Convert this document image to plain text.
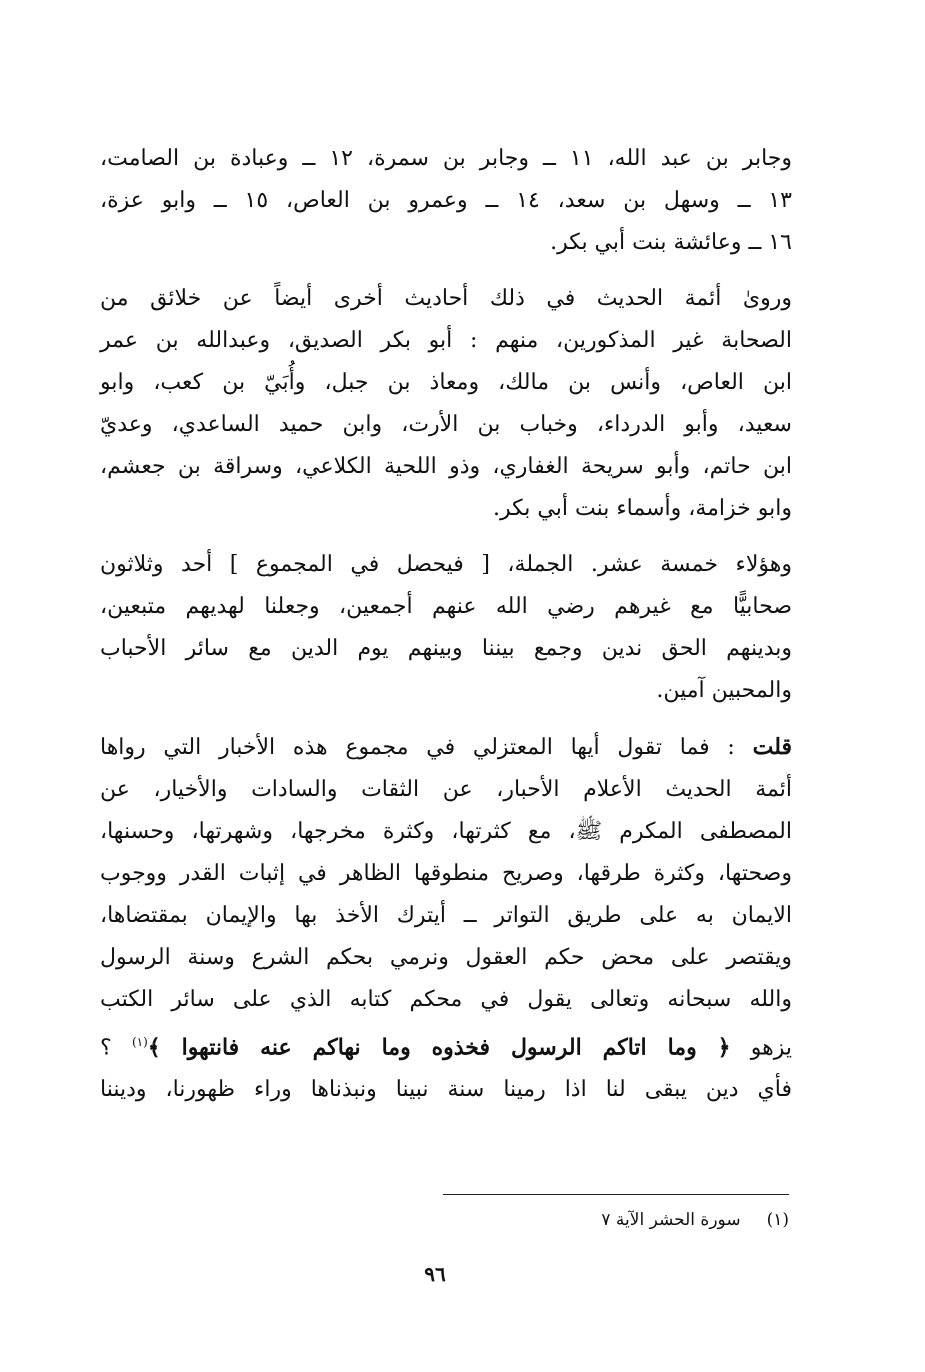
وجابر بن عبد الله، ١١ ــ وجابر بن سمرة، ١٢ ــ وعبادة بن الصامت،
١٣ ــ وسهل بن سعد، ١٤ ــ وعمرو بن العاص، ١٥ ــ وابو عزة،
١٦ ــ وعائشة بنت أبي بكر.

وروىٰ أئمة الحديث في ذلك أحاديث أخرى أيضاً عن خلائق من
الصحابة غير المذكورين، منهم : أبو بكر الصديق، وعبدالله بن عمر
ابن العاص، وأنس بن مالك، ومعاذ بن جبل، وأُبَيّ بن كعب، وابو
سعيد، وأبو الدرداء، وخباب بن الأرت، وابن حميد الساعدي، وعديّ
ابن حاتم، وأبو سريحة الغفاري، وذو اللحية الكلاعي، وسراقة بن جعشم،
وابو خزامة، وأسماء بنت أبي بكر.

وهؤلاء خمسة عشر. الجملة، [ فيحصل في المجموع ] أحد وثلاثون
صحابيًّا مع غيرهم رضي الله عنهم أجمعين، وجعلنا لهديهم متبعين،
وبدينهم الحق ندين وجمع بيننا وبينهم يوم الدين مع سائر الأحباب
والمحبين آمين.

قلت : فما تقول أيها المعتزلي في مجموع هذه الأخبار التي رواها
أئمة الحديث الأعلام الأحبار، عن الثقات والسادات والأخيار، عن
المصطفى المكرم ﷺ، مع كثرتها، وكثرة مخرجها، وشهرتها، وحسنها،
وصحتها، وكثرة طرقها، وصريح منطوقها الظاهر في إثبات القدر ووجوب
الايمان به على طريق التواتر ــ أيترك الأخذ بها والإيمان بمقتضاها،
ويقتصر على محض حكم العقول ونرمي بحكم الشرع وسنة الرسول
والله سبحانه وتعالى يقول في محكم كتابه الذي على سائر الكتب
يزهو ﴿ وما اتاكم الرسول فخذوه وما نهاكم عنه فانتهوا ﴾$^{(١)}$ ؟
فأي دين يبقى لنا اذا رمينا سنة نبينا ونبذناها وراء ظهورنا، وديننا

(١)سورة الحشر الآية ٧
٩٦
